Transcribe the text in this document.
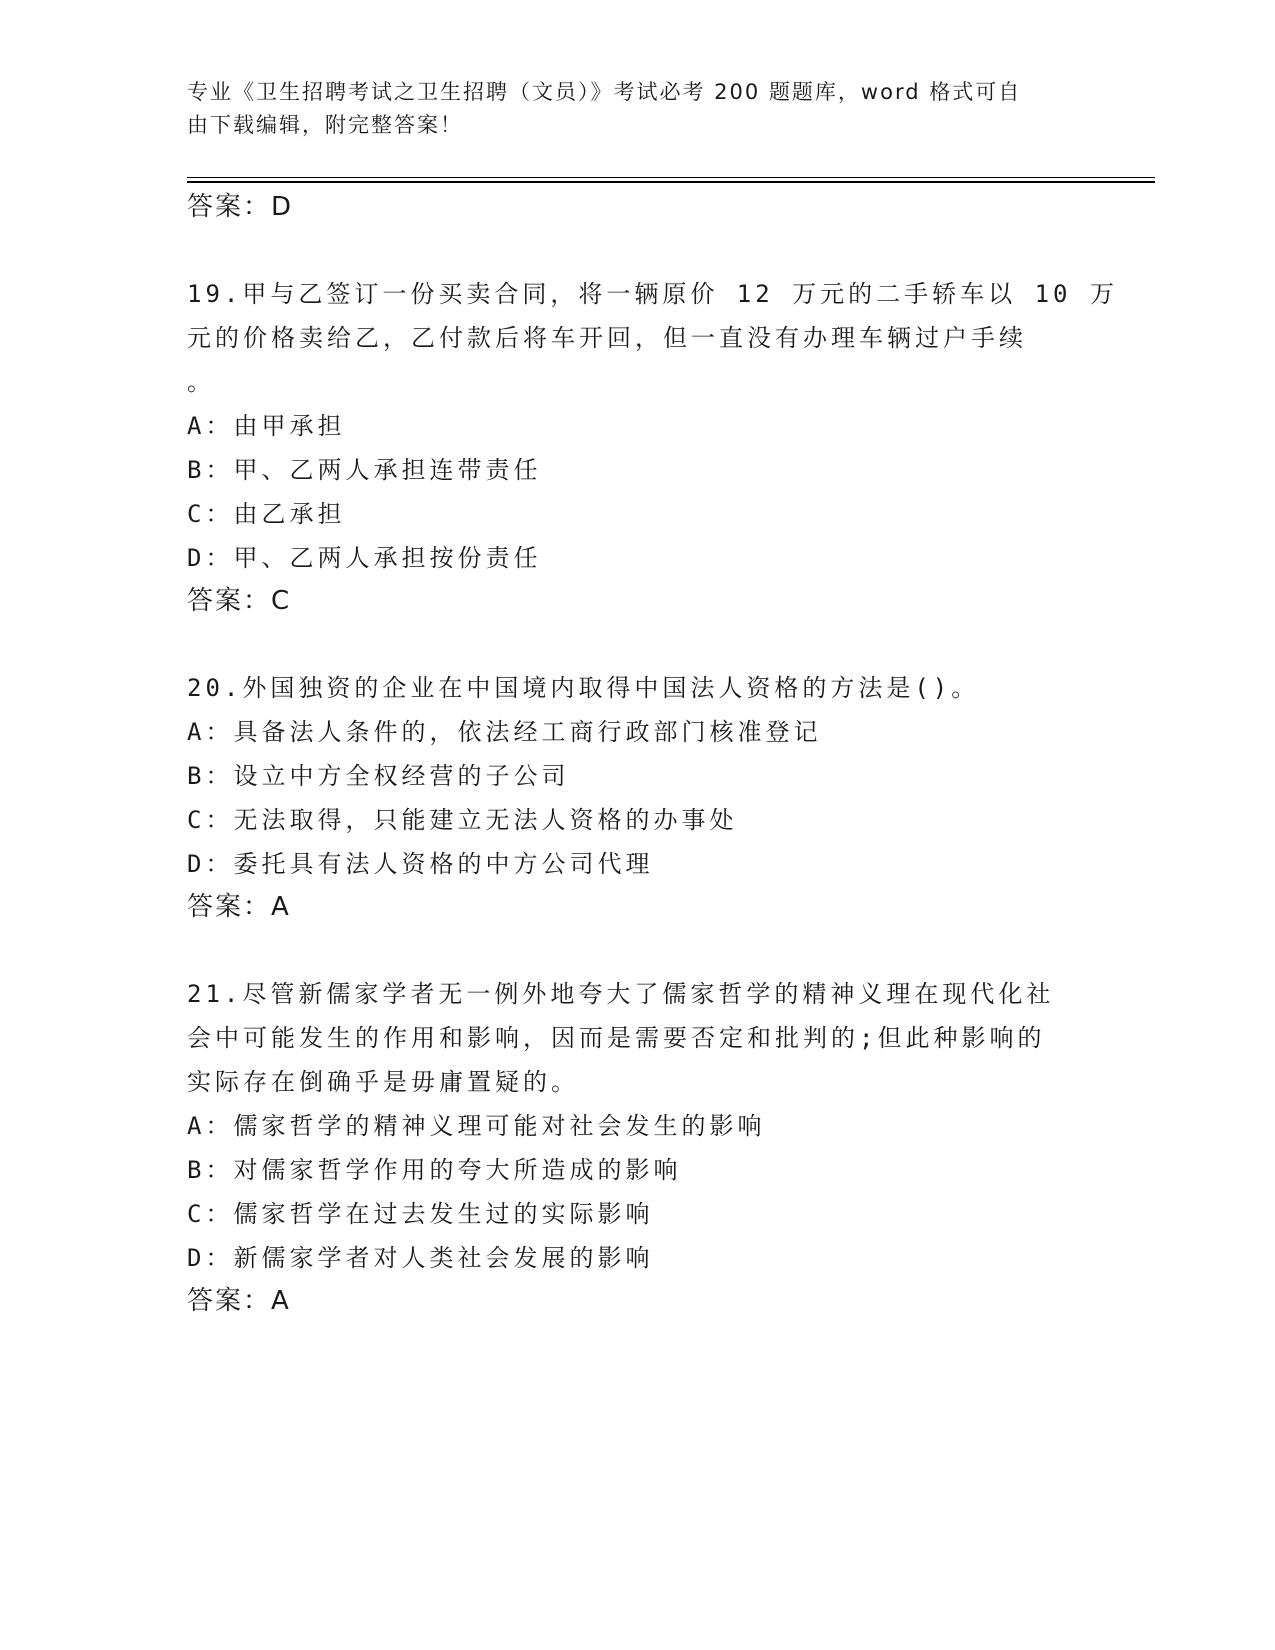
专业《卫生招聘考试之卫生招聘（文员）》考试必考 200 题题库，word 格式可自
由下载编辑，附完整答案！
答案：D
19.甲与乙签订一份买卖合同，将一辆原价 12 万元的二手轿车以 10 万
元的价格卖给乙，乙付款后将车开回，但一直没有办理车辆过户手续
。
A：由甲承担
B：甲、乙两人承担连带责任
C：由乙承担
D：甲、乙两人承担按份责任
答案：C
20.外国独资的企业在中国境内取得中国法人资格的方法是()。
A：具备法人条件的，依法经工商行政部门核准登记
B：设立中方全权经营的子公司
C：无法取得，只能建立无法人资格的办事处
D：委托具有法人资格的中方公司代理
答案：A
21.尽管新儒家学者无一例外地夸大了儒家哲学的精神义理在现代化社
会中可能发生的作用和影响，因而是需要否定和批判的;但此种影响的
实际存在倒确乎是毋庸置疑的。
A：儒家哲学的精神义理可能对社会发生的影响
B：对儒家哲学作用的夸大所造成的影响
C：儒家哲学在过去发生过的实际影响
D：新儒家学者对人类社会发展的影响
答案：A
